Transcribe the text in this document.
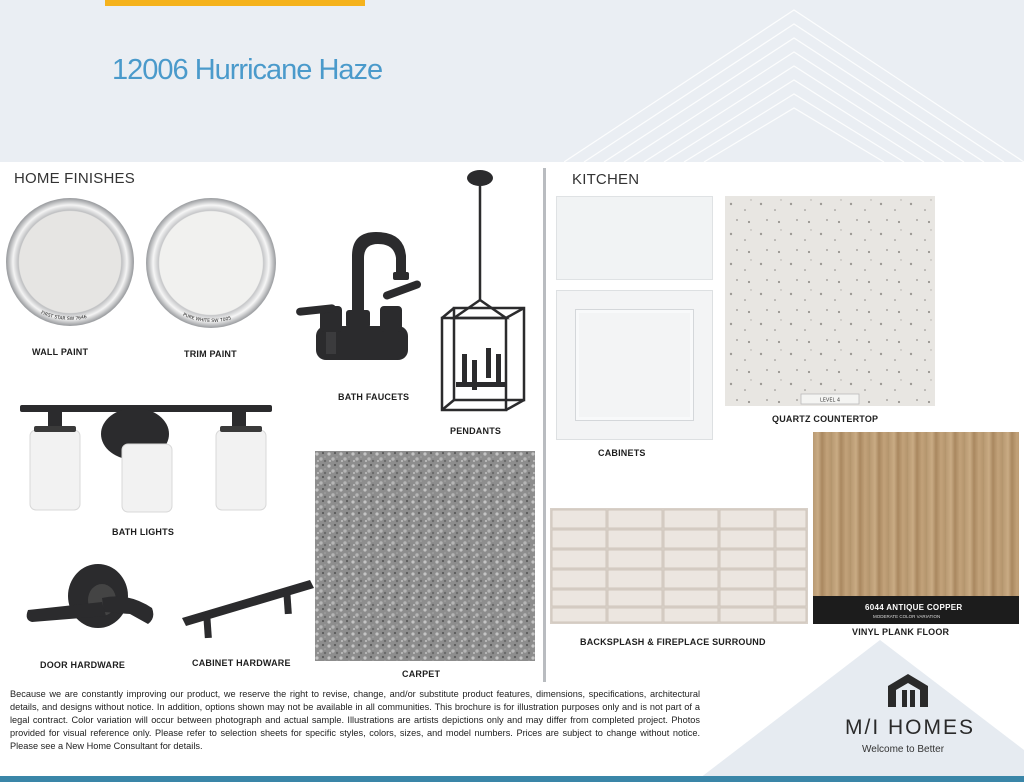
12006 Hurricane Haze
HOME FINISHES
FIRST STAR SW 7646
WALL PAINT
PURE WHITE SW 7005
TRIM PAINT
BATH FAUCETS
PENDANTS
BATH LIGHTS
CARPET
DOOR HARDWARE	CABINET HARDWARE
KITCHEN
CABINETS
LEVEL 4
QUARTZ COUNTERTOP
BACKSPLASH & FIREPLACE SURROUND
6044 ANTIQUE COPPER
MODERATE COLOR VARIATION
VINYL PLANK FLOOR
Because we are constantly improving our product, we reserve the right to revise, change, and/or substitute product features, dimensions, specifications, architectural details, and designs without notice. In addition, options shown may not be available in all communities. This brochure is for illustration purposes only and is not part of a legal contract. Color variation will occur between photograph and actual sample. Illustrations are artists depictions only and may differ from completed project. Photos provided for visual reference only. Please refer to selection sheets for specific styles, colors, sizes, and model numbers. Prices are subject to change without notice. Please see a New Home Consultant for details.
M/I HOMES
Welcome to Better
